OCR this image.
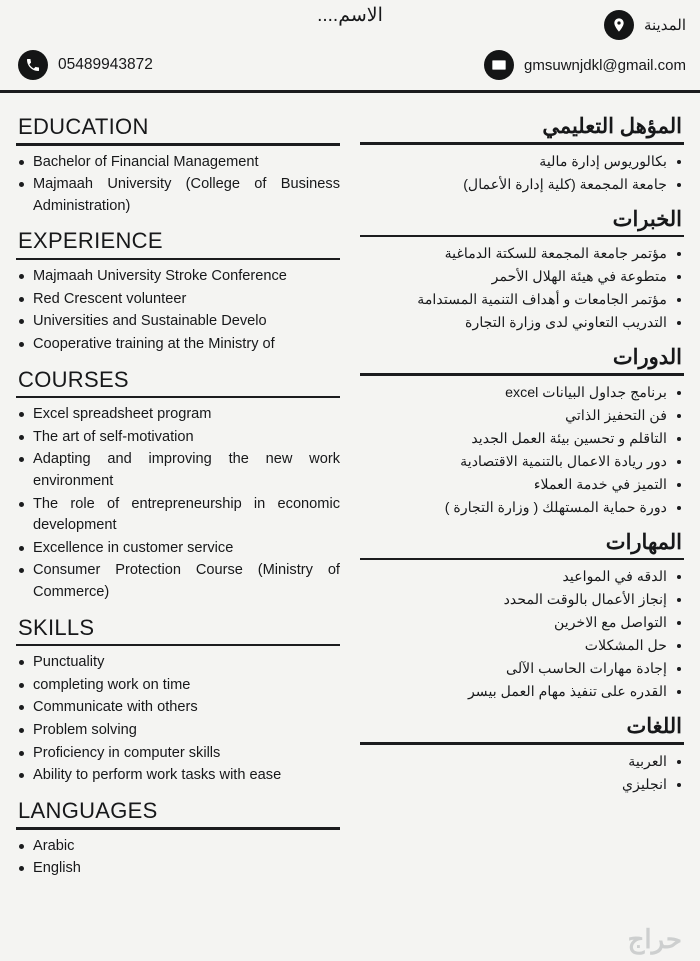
الاسم....	المدينة
05489943872	gmsuwnjdkl@gmail.com
EDUCATION
Bachelor of Financial Management
Majmaah University (College of Business Administration)
EXPERIENCE
Majmaah University Stroke Conference
Red Crescent volunteer
Universities and Sustainable Develo
Cooperative training at the Ministry of
COURSES
Excel spreadsheet program
The art of self-motivation
Adapting and improving the new work environment
The role of entrepreneurship in economic development
Excellence in customer service
Consumer Protection Course (Ministry of Commerce)
SKILLS
Punctuality
completing work on time
Communicate with others
Problem solving
Proficiency in computer skills
Ability to perform work tasks with ease
LANGUAGES
Arabic
English
المؤهل التعليمي
بكالوريوس إدارة مالية
جامعة المجمعة (كلية إدارة الأعمال)
الخبرات
مؤتمر جامعة المجمعة للسكتة الدماغية
متطوعة في هيئة الهلال الأحمر
مؤتمر الجامعات و أهداف التنمية المستدامة
التدريب التعاوني لدى وزارة التجارة
الدورات
برنامج جداول البيانات excel
فن التحفيز الذاتي
التاقلم و تحسين بيئة العمل الجديد
دور ريادة الاعمال بالتنمية الاقتصادية
التميز في خدمة العملاء
دورة حماية المستهلك ( وزارة التجارة )
المهارات
الدقه في المواعيد
إنجاز الأعمال بالوقت المحدد
التواصل مع الاخرين
حل المشكلات
إجادة مهارات الحاسب الآلى
القدره على تنفيذ مهام العمل بيسر
اللغات
العربية
انجليزي
حراج
